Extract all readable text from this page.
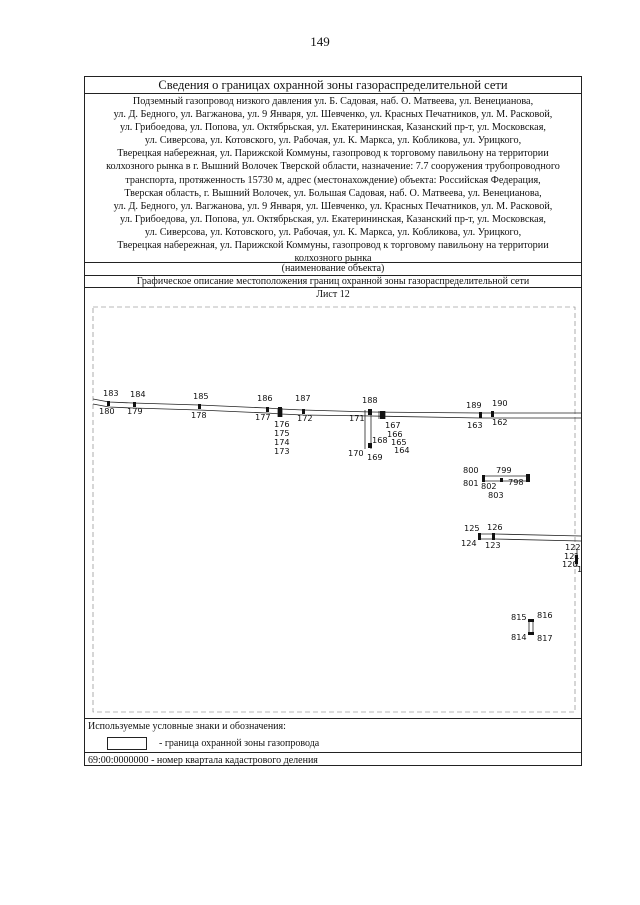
149
Сведения о границах охранной зоны газораспределительной сети

Подземный газопровод низкого давления ул. Б. Садовая, наб. О. Матвеева, ул. Венецианова,

ул. Д. Бедного, ул. Вагжанова, ул. 9 Января, ул. Шевченко, ул. Красных Печатников, ул. М. Расковой,

ул. Грибоедова, ул. Попова, ул. Октябрьская, ул. Екатерининская, Казанский пр-т, ул. Московская,

ул. Сиверсова, ул. Котовского, ул. Рабочая, ул. К. Маркса, ул. Кобликова, ул. Урицкого,

Тверецкая набережная, ул. Парижской Коммуны, газопровод к торговому павильону на территории

колхозного рынка в г. Вышний Волочек Тверской области, назначение: 7.7 сооружения трубопроводного

транспорта, протяженность 15730 м, адрес (местонахождение) объекта: Российская Федерация,

Тверская область, г. Вышний Волочек, ул. Большая Садовая, наб. О. Матвеева, ул. Венецианова,

ул. Д. Бедного, ул. Вагжанова, ул. 9 Января, ул. Шевченко, ул. Красных Печатников, ул. М. Расковой,

ул. Грибоедова, ул. Попова, ул. Октябрьская, ул. Екатерининская, Казанский пр-т, ул. Московская,

ул. Сиверсова, ул. Котовского, ул. Рабочая, ул. К. Маркса, ул. Кобликова, ул. Урицкого,

Тверецкая набережная, ул. Парижской Коммуны, газопровод к торговому павильону на территории

колхозного рынка

(наименование объекта)
Графическое описание местоположения границ охранной зоны газораспределительной сети
Лист 12
183 184	185	186	187	188	189 190
180 179	178	177	172	171
163 162
176
175
174
173
167
166
165
164
168
170 169
800 799
801 802 798
803
125 126
124 123	122
121
120 1
815 816
814 817
Используемые условные знаки и обозначения:
- граница охранной зоны газопровода
69:00:0000000 - номер квартала кадастрового деления
